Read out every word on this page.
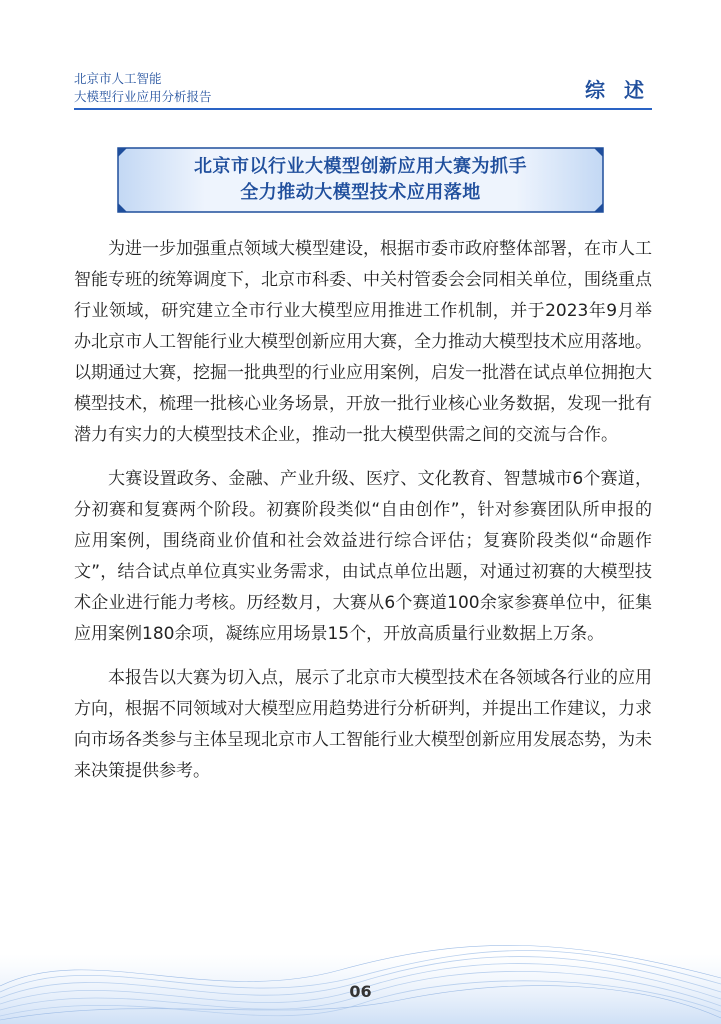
北京市人工智能
大模型行业应用分析报告	综 述
北京市以行业大模型创新应用大赛为抓手
全力推动大模型技术应用落地

为进一步加强重点领域大模型建设，根据市委市政府整体部署，在市人工智能专班的统筹调度下，北京市科委、中关村管委会会同相关单位，围绕重点行业领域，研究建立全市行业大模型应用推进工作机制，并于2023年9月举办北京市人工智能行业大模型创新应用大赛，全力推动大模型技术应用落地。以期通过大赛，挖掘一批典型的行业应用案例，启发一批潜在试点单位拥抱大模型技术，梳理一批核心业务场景，开放一批行业核心业务数据，发现一批有潜力有实力的大模型技术企业，推动一批大模型供需之间的交流与合作。

大赛设置政务、金融、产业升级、医疗、文化教育、智慧城市6个赛道，分初赛和复赛两个阶段。初赛阶段类似“自由创作”，针对参赛团队所申报的应用案例，围绕商业价值和社会效益进行综合评估；复赛阶段类似“命题作文”，结合试点单位真实业务需求，由试点单位出题，对通过初赛的大模型技术企业进行能力考核。历经数月，大赛从6个赛道100余家参赛单位中，征集应用案例180余项，凝练应用场景15个，开放高质量行业数据上万条。

本报告以大赛为切入点，展示了北京市大模型技术在各领域各行业的应用方向，根据不同领域对大模型应用趋势进行分析研判，并提出工作建议，力求向市场各类参与主体呈现北京市人工智能行业大模型创新应用发展态势，为未来决策提供参考。

06
